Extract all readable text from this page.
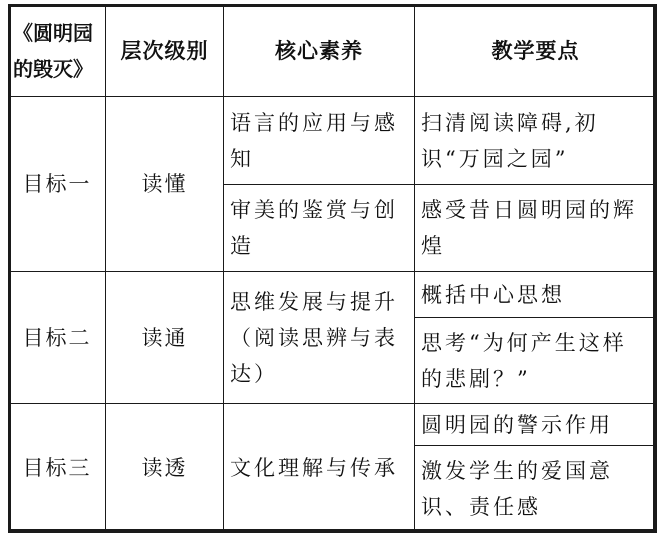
《圆明园的毁灭》	层次级别	核心素养	教学要点
目标一	读懂	语言的应用与感知	扫清阅读障碍,初识“万园之园”
		审美的鉴赏与创造	感受昔日圆明园的辉煌
目标二	读通	思维发展与提升（阅读思辨与表达）	概括中心思想
			思考“为何产生这样的悲剧？”
目标三	读透	文化理解与传承	圆明园的警示作用
			激发学生的爱国意识、责任感
